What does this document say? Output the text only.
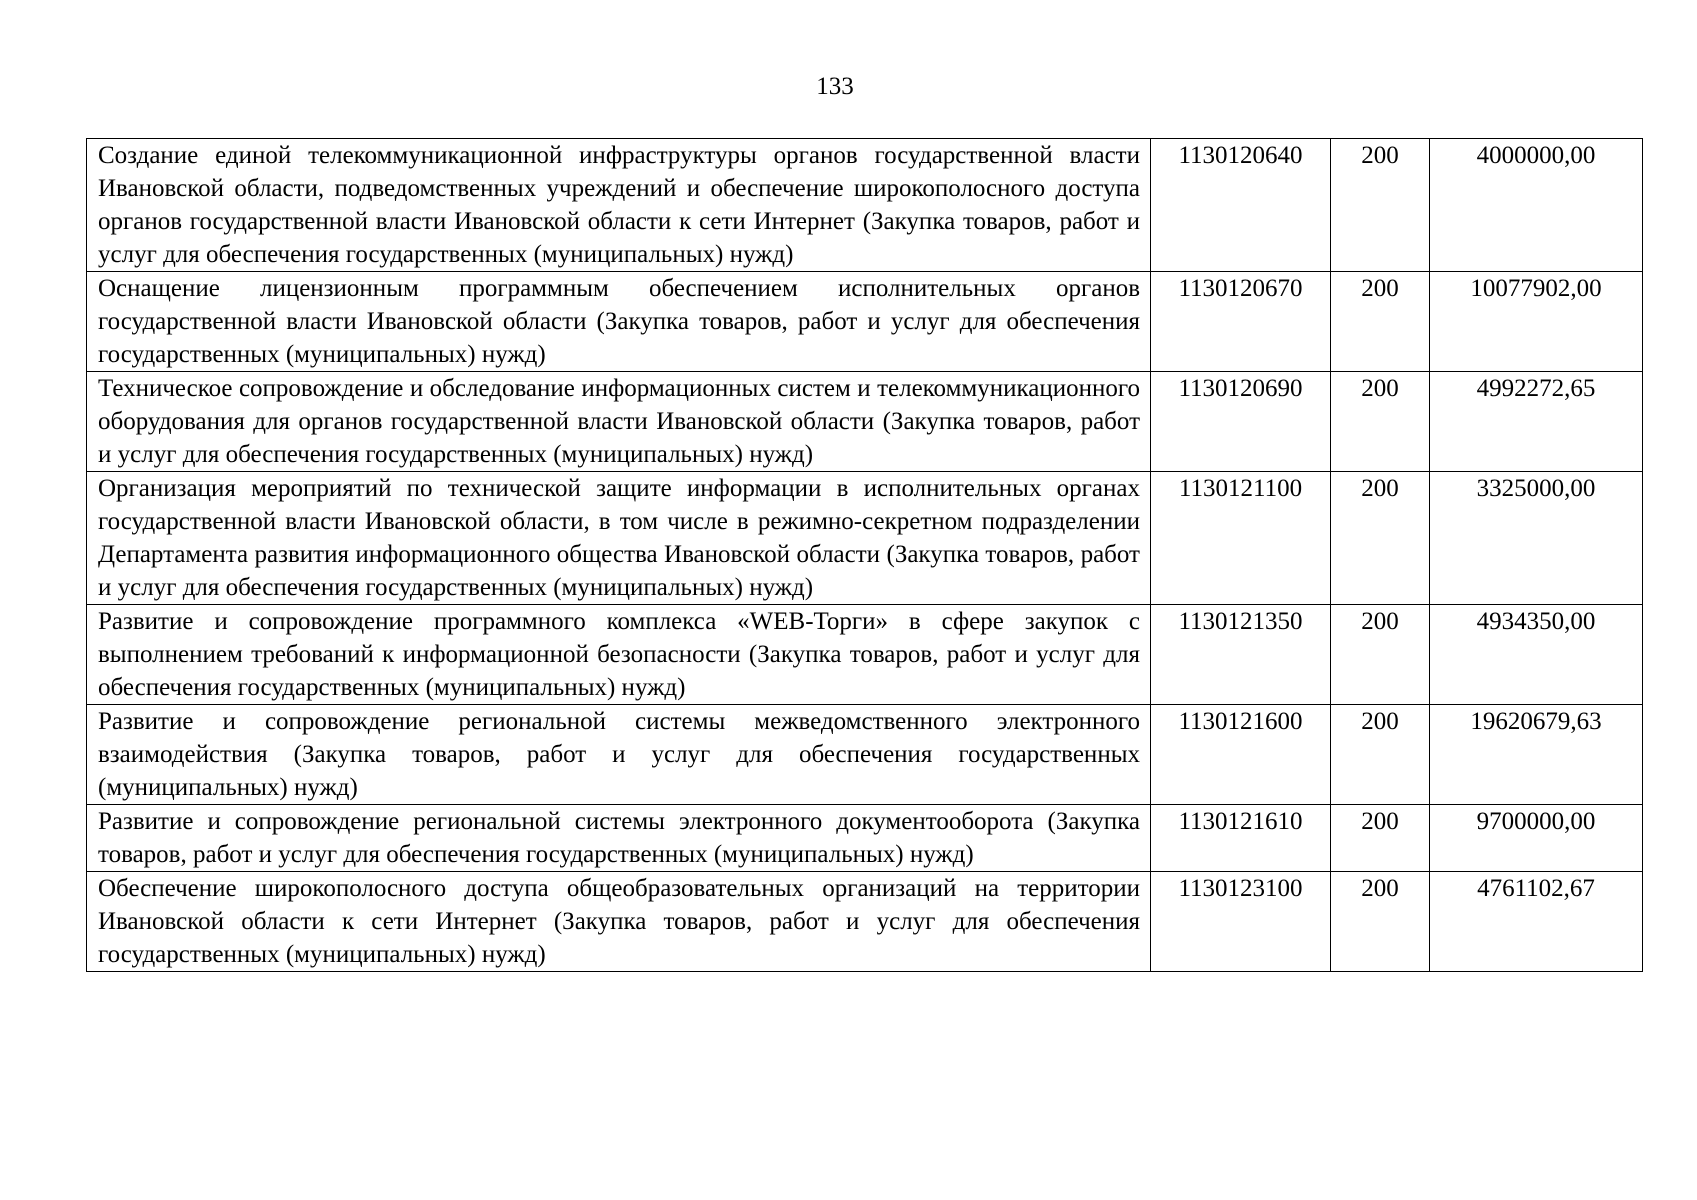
133
Создание единой телекоммуникационной инфраструктуры органов государственной власти Ивановской области, подведомственных учреждений и обеспечение широкополосного доступа органов государственной власти Ивановской области к сети Интернет (Закупка товаров, работ и услуг для обеспечения государственных (муниципальных) нужд)	1130120640	200	4000000,00
Оснащение лицензионным программным обеспечением исполнительных органов государственной власти Ивановской области (Закупка товаров, работ и услуг для обеспечения государственных (муниципальных) нужд)	1130120670	200	10077902,00
Техническое сопровождение и обследование информационных систем и телекоммуникационного оборудования для органов государственной власти Ивановской области (Закупка товаров, работ и услуг для обеспечения государственных (муниципальных) нужд)	1130120690	200	4992272,65
Организация мероприятий по технической защите информации в исполнительных органах государственной власти Ивановской области, в том числе в режимно-секретном подразделении Департамента развития информационного общества Ивановской области (Закупка товаров, работ и услуг для обеспечения государственных (муниципальных) нужд)	1130121100	200	3325000,00
Развитие и сопровождение программного комплекса «WEB-Торги» в сфере закупок с выполнением требований к информационной безопасности (Закупка товаров, работ и услуг для обеспечения государственных (муниципальных) нужд)	1130121350	200	4934350,00
Развитие и сопровождение региональной системы межведомственного электронного взаимодействия (Закупка товаров, работ и услуг для обеспечения государственных (муниципальных) нужд)	1130121600	200	19620679,63
Развитие и сопровождение региональной системы электронного документооборота (Закупка товаров, работ и услуг для обеспечения государственных (муниципальных) нужд)	1130121610	200	9700000,00
Обеспечение широкополосного доступа общеобразовательных организаций на территории Ивановской области к сети Интернет (Закупка товаров, работ и услуг для обеспечения государственных (муниципальных) нужд)	1130123100	200	4761102,67
